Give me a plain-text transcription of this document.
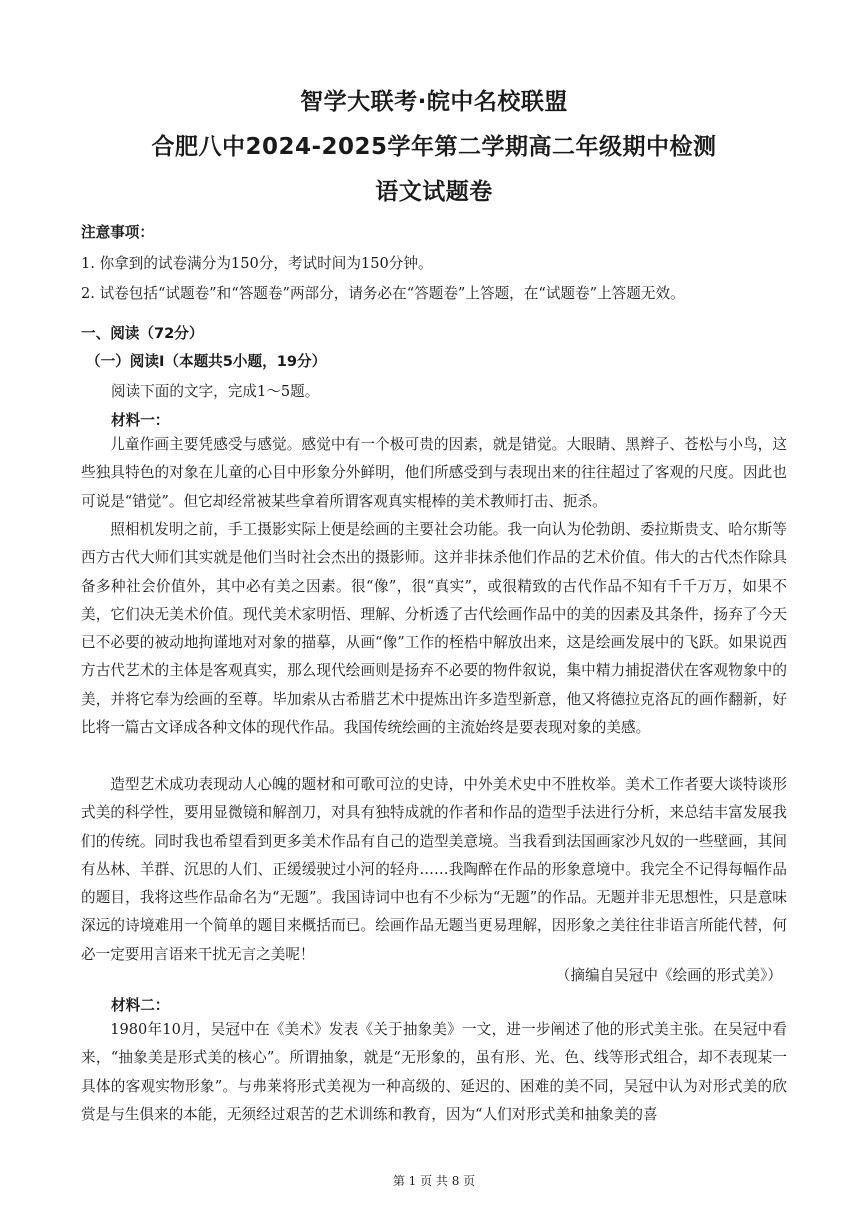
智学大联考·皖中名校联盟
合肥八中2024-2025学年第二学期高二年级期中检测
语文试题卷
注意事项：
1. 你拿到的试卷满分为150分，考试时间为150分钟。
2. 试卷包括“试题卷”和“答题卷”两部分，请务必在“答题卷”上答题，在“试题卷”上答题无效。
一、阅读（72分）
（一）阅读Ⅰ（本题共5小题，19分）
阅读下面的文字，完成1～5题。
材料一：

儿童作画主要凭感受与感觉。感觉中有一个极可贵的因素，就是错觉。大眼睛、黑辫子、苍松与小鸟，这些独具特色的对象在儿童的心目中形象分外鲜明，他们所感受到与表现出来的往往超过了客观的尺度。因此也可说是“错觉”。但它却经常被某些拿着所谓客观真实棍棒的美术教师打击、扼杀。

照相机发明之前，手工摄影实际上便是绘画的主要社会功能。我一向认为伦勃朗、委拉斯贵支、哈尔斯等西方古代大师们其实就是他们当时社会杰出的摄影师。这并非抹杀他们作品的艺术价值。伟大的古代杰作除具备多种社会价值外，其中必有美之因素。很“像”，很“真实”，或很精致的古代作品不知有千千万万，如果不美，它们决无美术价值。现代美术家明悟、理解、分析透了古代绘画作品中的美的因素及其条件，扬弃了今天已不必要的被动地拘谨地对对象的描摹，从画“像”工作的桎梏中解放出来，这是绘画发展中的飞跃。如果说西方古代艺术的主体是客观真实，那么现代绘画则是扬弃不必要的物件叙说，集中精力捕捉潜伏在客观物象中的美，并将它奉为绘画的至尊。毕加索从古希腊艺术中提炼出许多造型新意，他又将德拉克洛瓦的画作翻新，好比将一篇古文译成各种文体的现代作品。我国传统绘画的主流始终是要表现对象的美感。

造型艺术成功表现动人心魄的题材和可歌可泣的史诗，中外美术史中不胜枚举。美术工作者要大谈特谈形式美的科学性，要用显微镜和解剖刀，对具有独特成就的作者和作品的造型手法进行分析，来总结丰富发展我们的传统。同时我也希望看到更多美术作品有自己的造型美意境。当我看到法国画家沙凡奴的一些壁画，其间有丛林、羊群、沉思的人们、正缓缓驶过小河的轻舟……我陶醉在作品的形象意境中。我完全不记得每幅作品的题目，我将这些作品命名为“无题”。我国诗词中也有不少标为“无题”的作品。无题并非无思想性，只是意味深远的诗境难用一个简单的题目来概括而已。绘画作品无题当更易理解，因形象之美往往非语言所能代替，何必一定要用言语来干扰无言之美呢！

（摘编自吴冠中《绘画的形式美》）
材料二：

1980年10月，吴冠中在《美术》发表《关于抽象美》一文，进一步阐述了他的形式美主张。在吴冠中看来，“抽象美是形式美的核心”。所谓抽象，就是“无形象的，虽有形、光、色、线等形式组合，却不表现某一具体的客观实物形象”。与弗莱将形式美视为一种高级的、延迟的、困难的美不同，吴冠中认为对形式美的欣赏是与生俱来的本能，无须经过艰苦的艺术训练和教育，因为“人们对形式美和抽象美的喜

第 1 页 共 8 页
